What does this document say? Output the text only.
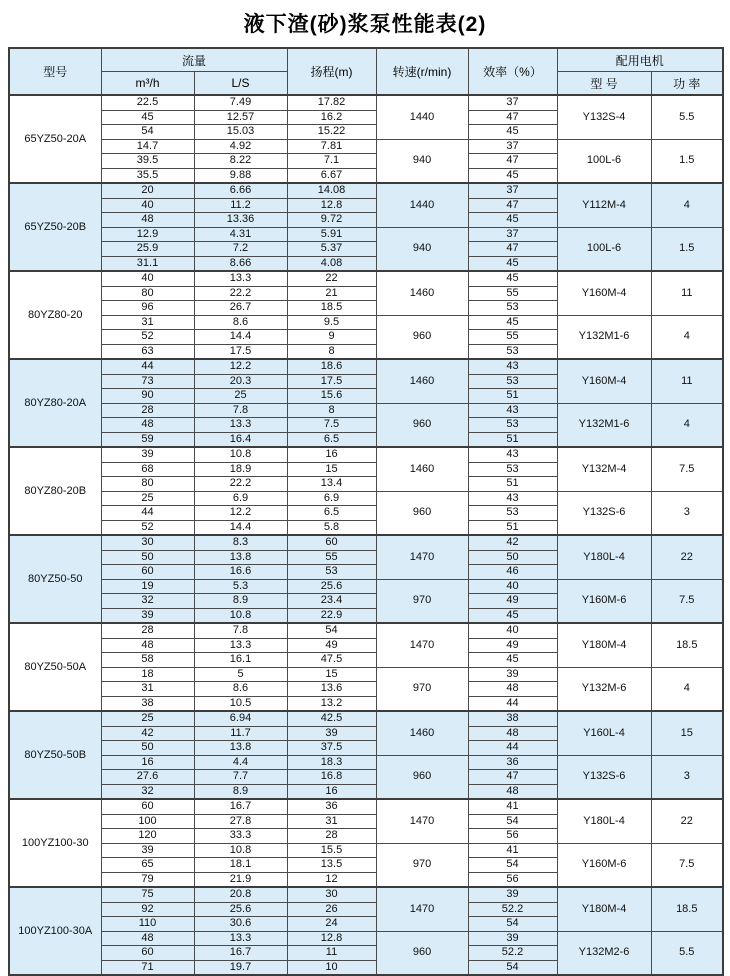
液下渣(砂)浆泵性能表(2)
型号	流量		扬程(m)	转速(r/min)	效率（%）	配用电机	
	m³/h	L/S				型 号	功 率
65YZ50-20A	22.5	7.49	17.82	1440	37	Y132S-4	5.5
	45	12.57	16.2		47		
	54	15.03	15.22		45		
	14.7	4.92	7.81	940	37	100L-6	1.5
	39.5	8.22	7.1		47		
	35.5	9.88	6.67		45		
65YZ50-20B	20	6.66	14.08	1440	37	Y112M-4	4
	40	11.2	12.8		47		
	48	13.36	9.72		45		
	12.9	4.31	5.91	940	37	100L-6	1.5
	25.9	7.2	5.37		47		
	31.1	8.66	4.08		45		
80YZ80-20	40	13.3	22	1460	45	Y160M-4	11
	80	22.2	21		55		
	96	26.7	18.5		53		
	31	8.6	9.5	960	45	Y132M1-6	4
	52	14.4	9		55		
	63	17.5	8		53		
80YZ80-20A	44	12.2	18.6	1460	43	Y160M-4	11
	73	20.3	17.5		53		
	90	25	15.6		51		
	28	7.8	8	960	43	Y132M1-6	4
	48	13.3	7.5		53		
	59	16.4	6.5		51		
80YZ80-20B	39	10.8	16	1460	43	Y132M-4	7.5
	68	18.9	15		53		
	80	22.2	13.4		51		
	25	6.9	6.9	960	43	Y132S-6	3
	44	12.2	6.5		53		
	52	14.4	5.8		51		
80YZ50-50	30	8.3	60	1470	42	Y180L-4	22
	50	13.8	55		50		
	60	16.6	53		46		
	19	5.3	25.6	970	40	Y160M-6	7.5
	32	8.9	23.4		49		
	39	10.8	22.9		45		
80YZ50-50A	28	7.8	54	1470	40	Y180M-4	18.5
	48	13.3	49		49		
	58	16.1	47.5		45		
	18	5	15	970	39	Y132M-6	4
	31	8.6	13.6		48		
	38	10.5	13.2		44		
80YZ50-50B	25	6.94	42.5	1460	38	Y160L-4	15
	42	11.7	39		48		
	50	13.8	37.5		44		
	16	4.4	18.3	960	36	Y132S-6	3
	27.6	7.7	16.8		47		
	32	8.9	16		48		
100YZ100-30	60	16.7	36	1470	41	Y180L-4	22
	100	27.8	31		54		
	120	33.3	28		56		
	39	10.8	15.5	970	41	Y160M-6	7.5
	65	18.1	13.5		54		
	79	21.9	12		56		
100YZ100-30A	75	20.8	30	1470	39	Y180M-4	18.5
	92	25.6	26		52.2		
	110	30.6	24		54		
	48	13.3	12.8	960	39	Y132M2-6	5.5
	60	16.7	11		52.2		
	71	19.7	10		54		
